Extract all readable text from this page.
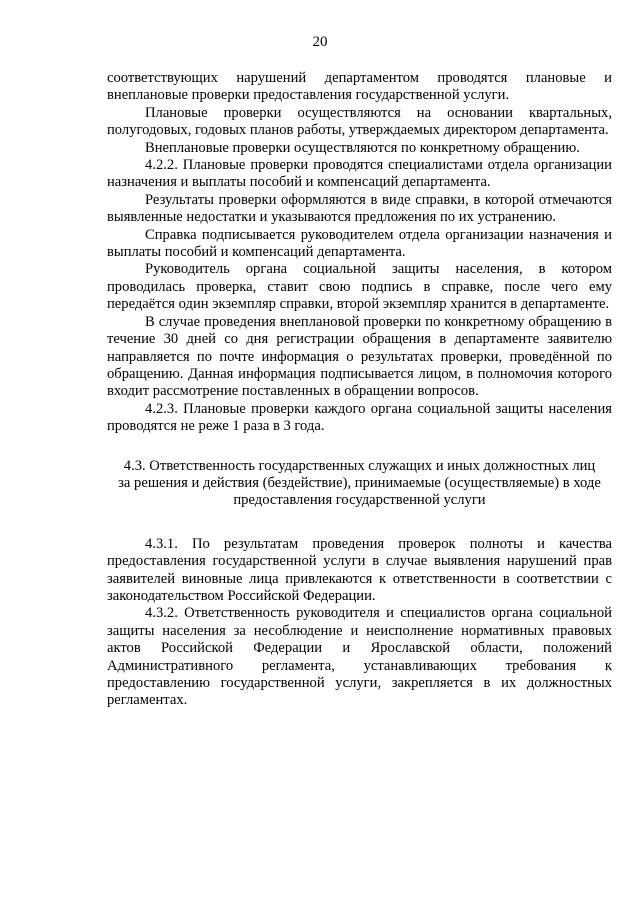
20

соответствующих нарушений департаментом проводятся плановые и внеплановые проверки предоставления государственной услуги.

Плановые проверки осуществляются на основании квартальных, полугодовых, годовых планов работы, утверждаемых директором департамента.

Внеплановые проверки осуществляются по конкретному обращению.

4.2.2. Плановые проверки проводятся специалистами отдела организации назначения и выплаты пособий и компенсаций департамента.

Результаты проверки оформляются в виде справки, в которой отмечаются выявленные недостатки и указываются предложения по их устранению.

Справка подписывается руководителем отдела организации назначения и выплаты пособий и компенсаций департамента.

Руководитель органа социальной защиты населения, в котором проводилась проверка, ставит свою подпись в справке, после чего ему передаётся один экземпляр справки, второй экземпляр хранится в департаменте.

В случае проведения внеплановой проверки по конкретному обращению в течение 30 дней со дня регистрации обращения в департаменте заявителю направляется по почте информация о результатах проверки, проведённой по обращению. Данная информация подписывается лицом, в полномочия которого входит рассмотрение поставленных в обращении вопросов.

4.2.3. Плановые проверки каждого органа социальной защиты населения проводятся не реже 1 раза в 3 года.

4.3. Ответственность государственных служащих и иных должностных лиц
за решения и действия (бездействие), принимаемые (осуществляемые) в ходе
предоставления государственной услуги

4.3.1. По результатам проведения проверок полноты и качества предоставления государственной услуги в случае выявления нарушений прав заявителей виновные лица привлекаются к ответственности в соответствии с законодательством Российской Федерации.

4.3.2. Ответственность руководителя и специалистов органа социальной защиты населения за несоблюдение и неисполнение нормативных правовых актов Российской Федерации и Ярославской области, положений Административного регламента, устанавливающих требования к предоставлению государственной услуги, закрепляется в их должностных регламентах.
